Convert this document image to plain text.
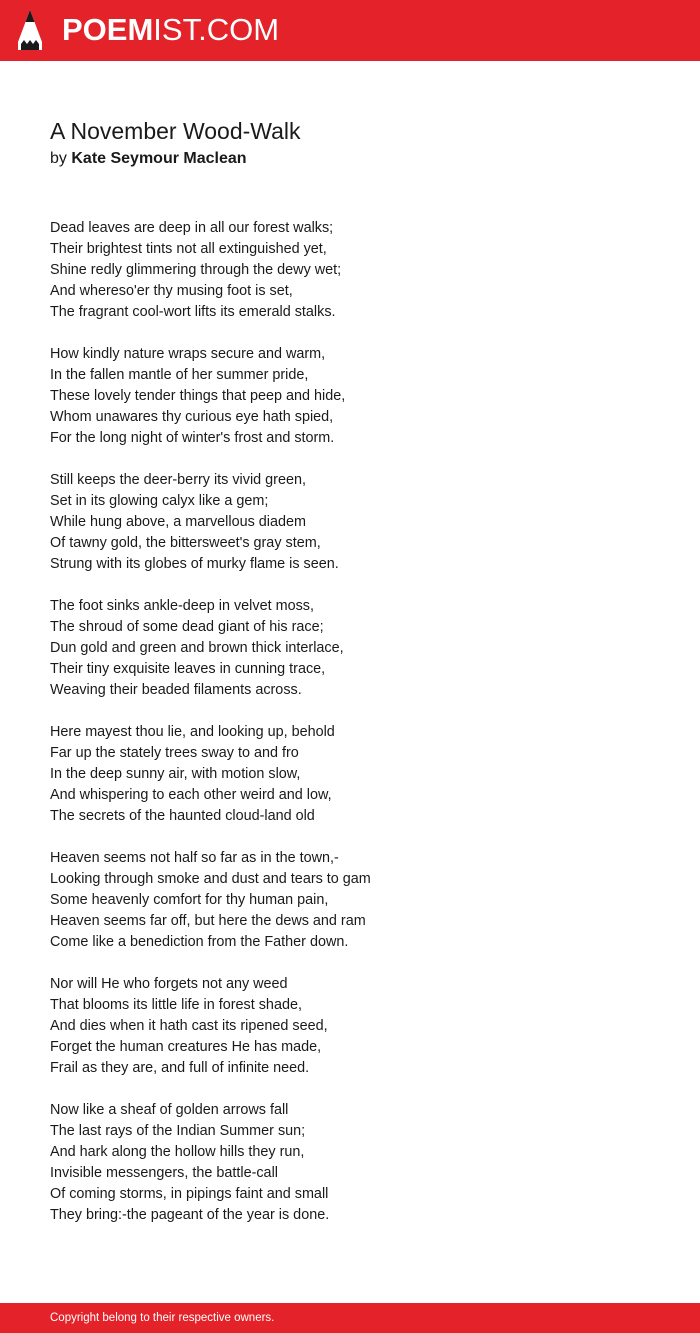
POEMIST.COM
A November Wood-Walk
by Kate Seymour Maclean
Dead leaves are deep in all our forest walks;
Their brightest tints not all extinguished yet,
Shine redly glimmering through the dewy wet;
And whereso'er thy musing foot is set,
The fragrant cool-wort lifts its emerald stalks.
How kindly nature wraps secure and warm,
In the fallen mantle of her summer pride,
These lovely tender things that peep and hide,
Whom unawares thy curious eye hath spied,
For the long night of winter's frost and storm.
Still keeps the deer-berry its vivid green,
Set in its glowing calyx like a gem;
While hung above, a marvellous diadem
Of tawny gold, the bittersweet's gray stem,
Strung with its globes of murky flame is seen.
The foot sinks ankle-deep in velvet moss,
The shroud of some dead giant of his race;
Dun gold and green and brown thick interlace,
Their tiny exquisite leaves in cunning trace,
Weaving their beaded filaments across.
Here mayest thou lie, and looking up, behold
Far up the stately trees sway to and fro
In the deep sunny air, with motion slow,
And whispering to each other weird and low,
The secrets of the haunted cloud-land old
Heaven seems not half so far as in the town,-
Looking through smoke and dust and tears to gam
Some heavenly comfort for thy human pain,
Heaven seems far off, but here the dews and ram
Come like a benediction from the Father down.
Nor will He who forgets not any weed
That blooms its little life in forest shade,
And dies when it hath cast its ripened seed,
Forget the human creatures He has made,
Frail as they are, and full of infinite need.
Now like a sheaf of golden arrows fall
The last rays of the Indian Summer sun;
And hark along the hollow hills they run,
Invisible messengers, the battle-call
Of coming storms, in pipings faint and small
They bring:-the pageant of the year is done.
Copyright belong to their respective owners.
